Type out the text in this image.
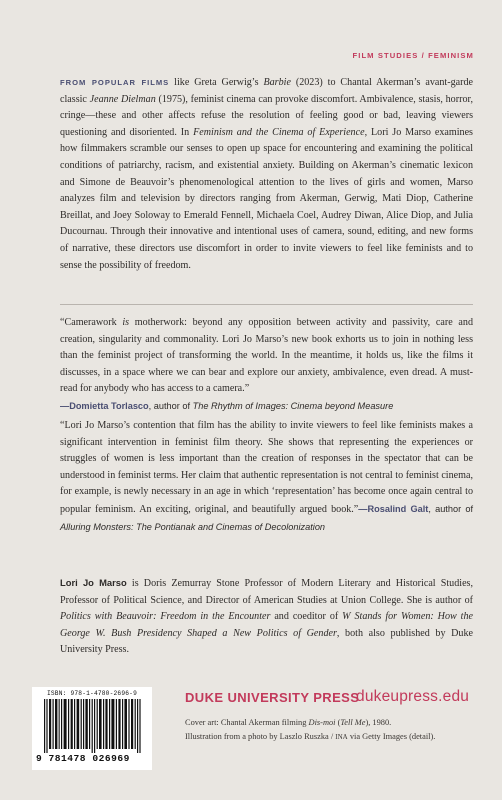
FILM STUDIES / FEMINISM
FROM POPULAR FILMS like Greta Gerwig’s Barbie (2023) to Chantal Akerman’s avant-garde classic Jeanne Dielman (1975), feminist cinema can provoke discomfort. Ambivalence, stasis, horror, cringe—these and other affects refuse the resolution of feeling good or bad, leaving viewers questioning and disoriented. In Feminism and the Cinema of Experience, Lori Jo Marso examines how filmmakers scramble our senses to open up space for encountering and examining the political conditions of patriarchy, racism, and existential anxiety. Building on Akerman’s cinematic lexicon and Simone de Beauvoir’s phenomenological attention to the lives of girls and women, Marso analyzes film and television by directors ranging from Akerman, Gerwig, Mati Diop, Catherine Breillat, and Joey Soloway to Emerald Fennell, Michaela Coel, Audrey Diwan, Alice Diop, and Julia Ducournau. Through their innovative and intentional uses of camera, sound, editing, and new forms of narrative, these directors use discomfort in order to invite viewers to feel like feminists and to sense the possibility of freedom.
“Camerawork is motherwork: beyond any opposition between activity and passivity, care and creation, singularity and commonality. Lori Jo Marso’s new book exhorts us to join in nothing less than the feminist project of transforming the world. In the meantime, it holds us, like the films it discusses, in a space where we can bear and explore our anxiety, ambivalence, even dread. A must-read for anybody who has access to a camera.”
—Domietta Torlasco, author of The Rhythm of Images: Cinema beyond Measure
“Lori Jo Marso’s contention that film has the ability to invite viewers to feel like feminists makes a significant intervention in feminist film theory. She shows that representing the experiences or struggles of women is less important than the creation of responses in the spectator that can be understood in feminist terms. Her claim that authentic representation is not central to feminist cinema, for example, is newly necessary in an age in which ‘representation’ has become once again central to popular feminism. An exciting, original, and beautifully argued book.”—Rosalind Galt, author of Alluring Monsters: The Pontianak and Cinemas of Decolonization
Lori Jo Marso is Doris Zemurray Stone Professor of Modern Literary and Historical Studies, Professor of Political Science, and Director of American Studies at Union College. She is author of Politics with Beauvoir: Freedom in the Encounter and coeditor of W Stands for Women: How the George W. Bush Presidency Shaped a New Politics of Gender, both also published by Duke University Press.
ISBN: 978-1-4780-2696-9
9 781478 026969
DUKE UNIVERSITY PRESS
dukeupress.edu
Cover art: Chantal Akerman filming Dis-moi (Tell Me), 1980.
Illustration from a photo by Laszlo Ruszka / INA via Getty Images (detail).
